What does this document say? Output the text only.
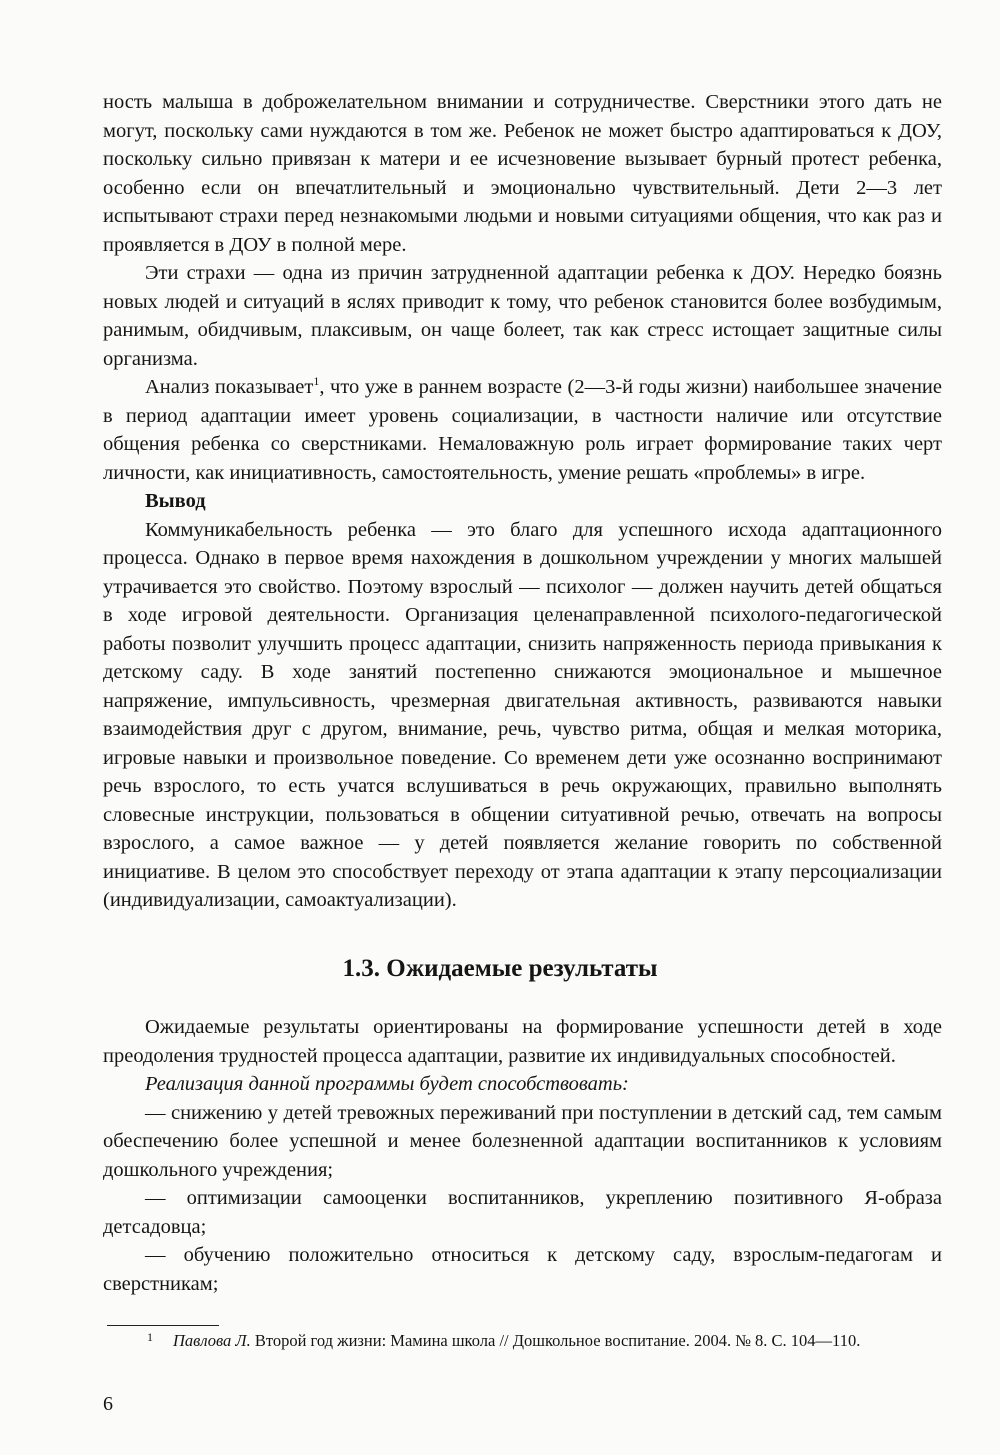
ность малыша в доброжелательном внимании и сотрудничестве. Сверстники этого дать не могут, поскольку сами нуждаются в том же. Ребенок не может быстро адаптироваться к ДОУ, поскольку сильно привязан к матери и ее исчезновение вызывает бурный протест ребенка, особенно если он впечатлительный и эмоционально чувствительный. Дети 2—3 лет испытывают страхи перед незнакомыми людьми и новыми ситуациями общения, что как раз и проявляется в ДОУ в полной мере.

Эти страхи — одна из причин затрудненной адаптации ребенка к ДОУ. Нередко боязнь новых людей и ситуаций в яслях приводит к тому, что ребенок становится более возбудимым, ранимым, обидчивым, плаксивым, он чаще болеет, так как стресс истощает защитные силы организма.

Анализ показывает$^1$, что уже в раннем возрасте (2—3-й годы жизни) наибольшее значение в период адаптации имеет уровень социализации, в частности наличие или отсутствие общения ребенка со сверстниками. Немаловажную роль играет формирование таких черт личности, как инициативность, самостоятельность, умение решать «проблемы» в игре.

Вывод

Коммуникабельность ребенка — это благо для успешного исхода адаптационного процесса. Однако в первое время нахождения в дошкольном учреждении у многих малышей утрачивается это свойство. Поэтому взрослый — психолог — должен научить детей общаться в ходе игровой деятельности. Организация целенаправленной психолого-педагогической работы позволит улучшить процесс адаптации, снизить напряженность периода привыкания к детскому саду. В ходе занятий постепенно снижаются эмоциональное и мышечное напряжение, импульсивность, чрезмерная двигательная активность, развиваются навыки взаимодействия друг с другом, внимание, речь, чувство ритма, общая и мелкая моторика, игровые навыки и произвольное поведение. Со временем дети уже осознанно воспринимают речь взрослого, то есть учатся вслушиваться в речь окружающих, правильно выполнять словесные инструкции, пользоваться в общении ситуативной речью, отвечать на вопросы взрослого, а самое важное — у детей появляется желание говорить по собственной инициативе. В целом это способствует переходу от этапа адаптации к этапу персоциализации (индивидуализации, самоактуализации).

1.3. Ожидаемые результаты

Ожидаемые результаты ориентированы на формирование успешности детей в ходе преодоления трудностей процесса адаптации, развитие их индивидуальных способностей.

Реализация данной программы будет способствовать:

— снижению у детей тревожных переживаний при поступлении в детский сад, тем самым обеспечению более успешной и менее болезненной адаптации воспитанников к условиям дошкольного учреждения;

— оптимизации самооценки воспитанников, укреплению позитивного Я-образа детсадовца;

— обучению положительно относиться к детскому саду, взрослым-педагогам и сверстникам;

1 Павлова Л. Второй год жизни: Мамина школа // Дошкольное воспитание. 2004. № 8. С. 104—110.
6
